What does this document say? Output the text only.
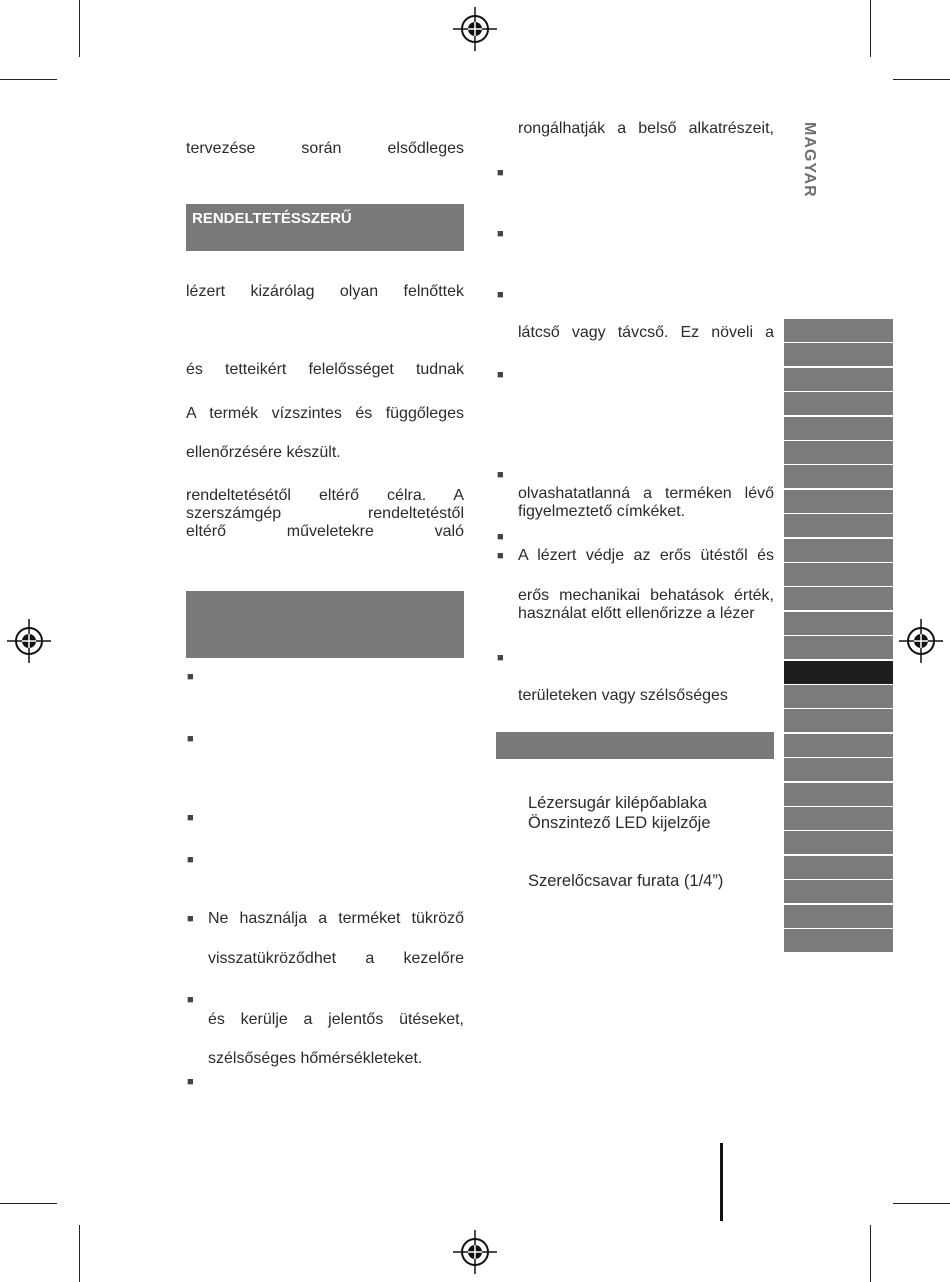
MAGYAR
tervezése során elsődleges
RENDELTETÉSSZERŰ
lézert kizárólag olyan felnőttek
és tetteikért felelősséget tudnak
A termék vízszintes és függőleges
ellenőrzésére készült.
rendeltetésétől eltérő célra. A
szerszámgép rendeltetéstől
eltérő műveletekre való
■
■
■
■
■ Ne használja a terméket tükröző
visszatükröződhet a kezelőre
■
és kerülje a jelentős ütéseket,
szélsőséges hőmérsékleteket.
■
rongálhatják a belső alkatrészeit,
■
■
■
látcső vagy távcső. Ez növeli a
■
■
olvashatatlanná a terméken lévő
figyelmeztető címkéket.
■
■ A lézert védje az erős ütéstől és
erős mechanikai behatások érték,
használat előtt ellenőrizze a lézer
■
területeken vagy szélsőséges
Lézersugár kilépőablaka
Önszintező LED kijelzője
Szerelőcsavar furata (1/4”)
